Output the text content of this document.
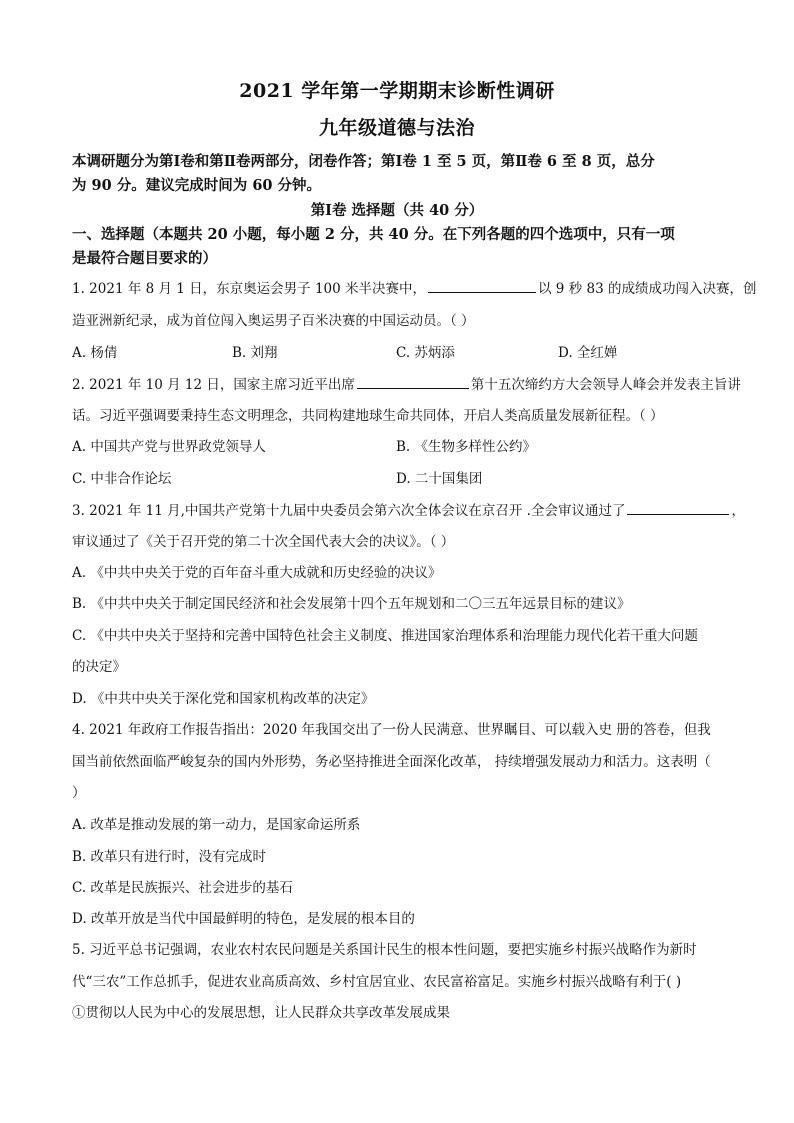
2021 学年第一学期期末诊断性调研
九年级道德与法治
本调研题分为第Ⅰ卷和第Ⅱ卷两部分，闭卷作答；第Ⅰ卷 1 至 5 页，第Ⅱ卷 6 至 8 页，总分
为 90 分。建议完成时间为 60 分钟。
第Ⅰ卷 选择题（共 40 分）
一、选择题（本题共 20 小题，每小题 2 分，共 40 分。在下列各题的四个选项中，只有一项
是最符合题目要求的）
1. 2021 年 8 月 1 日，东京奥运会男子 100 米半决赛中，	以 9 秒 83 的成绩成功闯入决赛，创
造亚洲新纪录，成为首位闯入奥运男子百米决赛的中国运动员。（ ）
A. 杨倩	B. 刘翔	C. 苏炳添	D. 全红婵
2. 2021 年 10 月 12 日，国家主席习近平出席	第十五次缔约方大会领导人峰会并发表主旨讲
话。习近平强调要秉持生态文明理念，共同构建地球生命共同体，开启人类高质量发展新征程。（ ）
A. 中国共产党与世界政党领导人	B. 《生物多样性公约》
C. 中非合作论坛	D. 二十国集团
3. 2021 年 11 月,中国共产党第十九届中央委员会第六次全体会议在京召开 .全会审议通过了	，
审议通过了《关于召开党的第二十次全国代表大会的决议》。（ ）
A. 《中共中央关于党的百年奋斗重大成就和历史经验的决议》
B. 《中共中央关于制定国民经济和社会发展第十四个五年规划和二〇三五年远景目标的建议》
C. 《中共中央关于坚持和完善中国特色社会主义制度、推进国家治理体系和治理能力现代化若干重大问题
的决定》
D. 《中共中央关于深化党和国家机构改革的决定》
4. 2021 年政府工作报告指出：2020 年我国交出了一份人民满意、世界瞩目、可以载入史 册的答卷，但我
国当前依然面临严峻复杂的国内外形势，务必坚持推进全面深化改革， 持续增强发展动力和活力。这表明（
）
A. 改革是推动发展的第一动力，是国家命运所系
B. 改革只有进行时，没有完成时
C. 改革是民族振兴、社会进步的基石
D. 改革开放是当代中国最鲜明的特色，是发展的根本目的
5. 习近平总书记强调，农业农村农民问题是关系国计民生的根本性问题，要把实施乡村振兴战略作为新时
代“三农”工作总抓手，促进农业高质高效、乡村宜居宜业、农民富裕富足。实施乡村振兴战略有利于( )
①贯彻以人民为中心的发展思想，让人民群众共享改革发展成果
